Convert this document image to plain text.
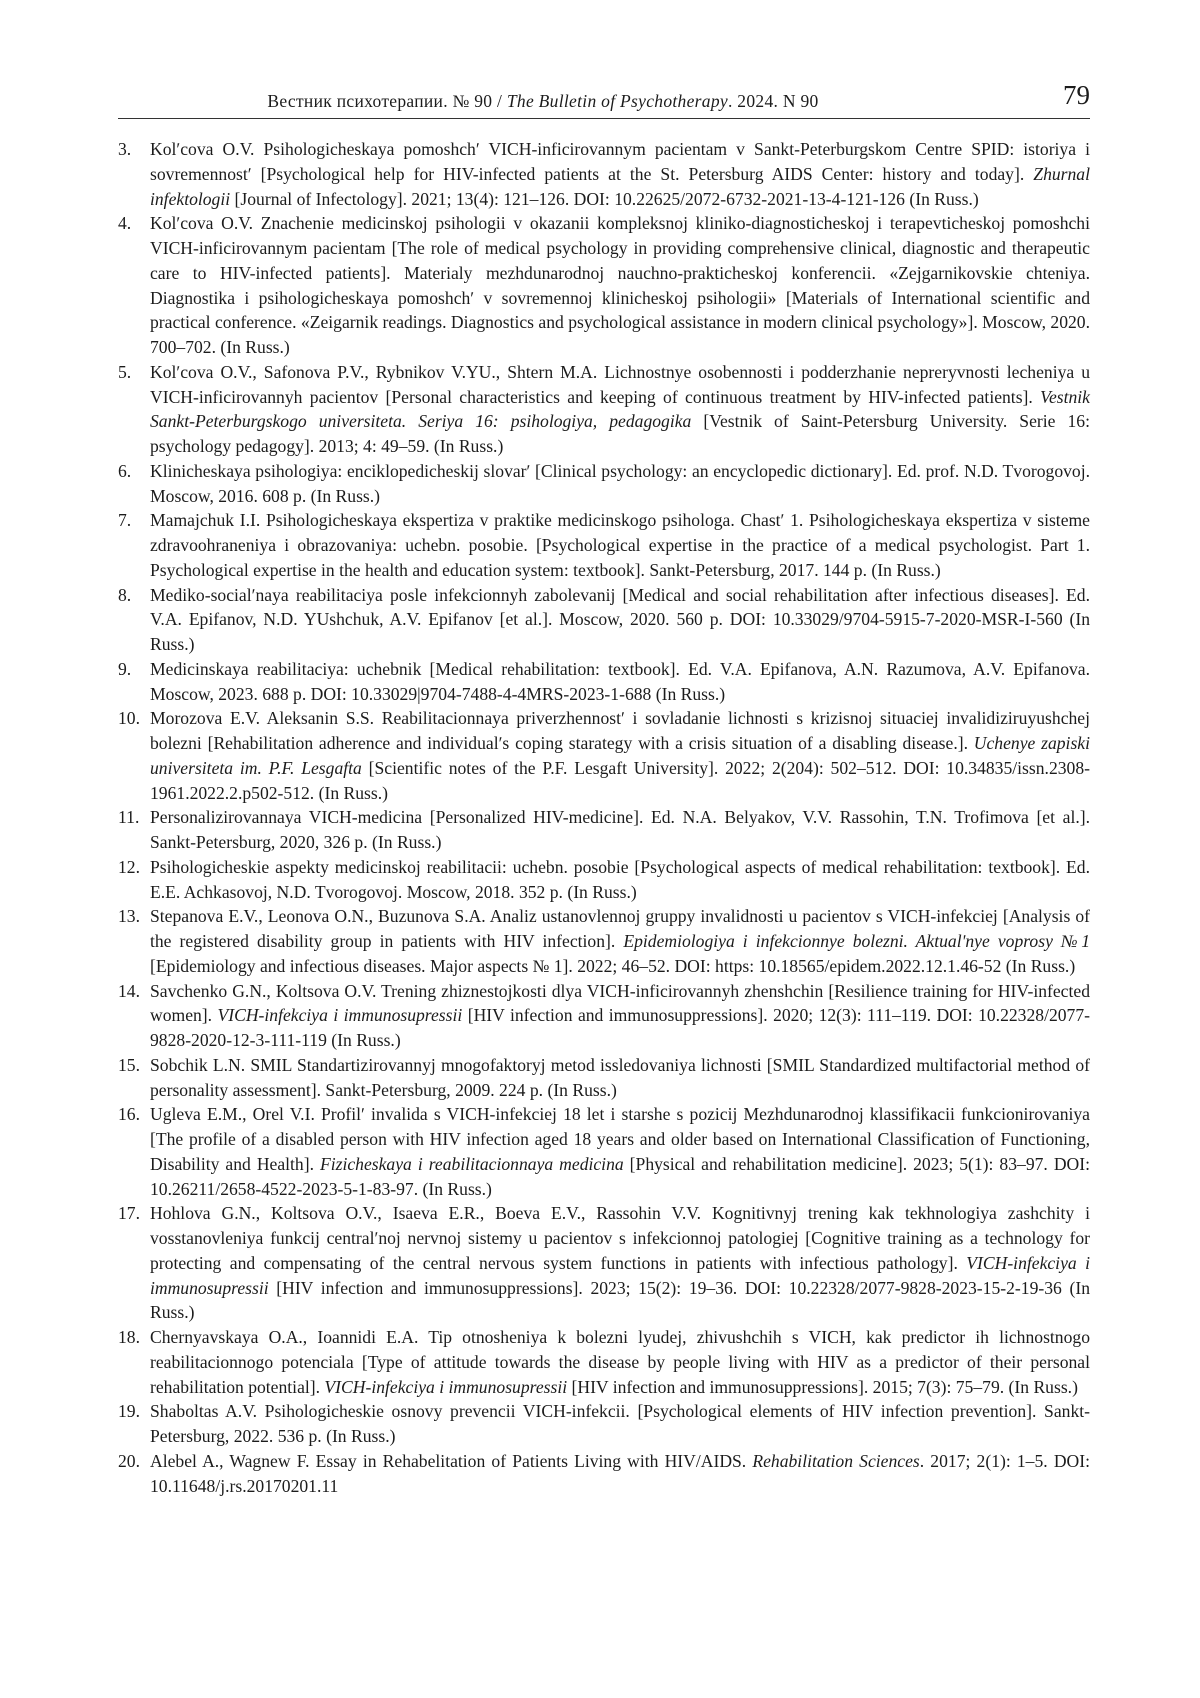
Вестник психотерапии. № 90 / The Bulletin of Psychotherapy. 2024. N 90	79
3. Kolʹcova O.V. Psihologicheskaya pomoshchʹ VICH-inficirovannym pacientam v Sankt-Peterburgskom Centre SPID: istoriya i sovremennostʹ [Psychological help for HIV-infected patients at the St. Petersburg AIDS Center: history and today]. Zhurnal infektologii [Journal of Infectology]. 2021; 13(4): 121–126. DOI: 10.22625/2072-6732-2021-13-4-121-126 (In Russ.)
4. Kolʹcova O.V. Znachenie medicinskoj psihologii v okazanii kompleksnoj kliniko-diagnosticheskoj i terapevticheskoj pomoshchi VICH-inficirovannym pacientam [The role of medical psychology in providing comprehensive clinical, diagnostic and therapeutic care to HIV-infected patients]. Materialy mezhdunarodnoj nauchno-prakticheskoj konferencii. «Zejgarnikovskie chteniya. Diagnostika i psihologicheskaya pomoshchʹ v sovremennoj klinicheskoj psihologii» [Materials of International scientific and practical conference. «Zeigarnik readings. Diagnostics and psychological assistance in modern clinical psychology»]. Moscow, 2020. 700–702. (In Russ.)
5. Kolʹcova O.V., Safonova P.V., Rybnikov V.YU., Shtern M.A. Lichnostnye osobennosti i podderzhanie nepreryvnosti lecheniya u VICH-inficirovannyh pacientov [Personal characteristics and keeping of continuous treatment by HIV-infected patients]. Vestnik Sankt-Peterburgskogo universiteta. Seriya 16: psihologiya, pedagogika [Vestnik of Saint-Petersburg University. Serie 16: psychology pedagogy]. 2013; 4: 49–59. (In Russ.)
6. Klinicheskaya psihologiya: enciklopedicheskij slovarʹ [Clinical psychology: an encyclopedic dictionary]. Ed. prof. N.D. Tvorogovoj. Moscow, 2016. 608 p. (In Russ.)
7. Mamajchuk I.I. Psihologicheskaya ekspertiza v praktike medicinskogo psihologa. Chastʹ 1. Psihologicheskaya ekspertiza v sisteme zdravoohraneniya i obrazovaniya: uchebn. posobie. [Psychological expertise in the practice of a medical psychologist. Part 1. Psychological expertise in the health and education system: textbook]. Sankt-Petersburg, 2017. 144 p. (In Russ.)
8. Mediko-socialʹnaya reabilitaciya posle infekcionnyh zabolevanij [Medical and social rehabilitation after infectious diseases]. Ed. V.A. Epifanov, N.D. YUshchuk, A.V. Epifanov [et al.]. Moscow, 2020. 560 p. DOI: 10.33029/9704-5915-7-2020-MSR-I-560 (In Russ.)
9. Medicinskaya reabilitaciya: uchebnik [Medical rehabilitation: textbook]. Ed. V.A. Epifanova, A.N. Razumova, A.V. Epifanova. Moscow, 2023. 688 p. DOI: 10.33029|9704-7488-4-4MRS-2023-1-688 (In Russ.)
10. Morozova E.V. Aleksanin S.S. Reabilitacionnaya priverzhennostʹ i sovladanie lichnosti s krizisnoj situaciej invalidiziruyushchej bolezni [Rehabilitation adherence and individualʹs coping starategy with a crisis situation of a disabling disease.]. Uchenye zapiski universiteta im. P.F. Lesgafta [Scientific notes of the P.F. Lesgaft University]. 2022; 2(204): 502–512. DOI: 10.34835/issn.2308-1961.2022.2.p502-512. (In Russ.)
11. Personalizirovannaya VICH-medicina [Personalized HIV-medicine]. Ed. N.A. Belyakov, V.V. Rassohin, T.N. Trofimova [et al.]. Sankt-Petersburg, 2020, 326 p. (In Russ.)
12. Psihologicheskie aspekty medicinskoj reabilitacii: uchebn. posobie [Psychological aspects of medical rehabilitation: textbook]. Ed. E.E. Achkasovoj, N.D. Tvorogovoj. Moscow, 2018. 352 p. (In Russ.)
13. Stepanova E.V., Leonova O.N., Buzunova S.A. Analiz ustanovlennoj gruppy invalidnosti u pacientov s VICH-infekciej [Analysis of the registered disability group in patients with HIV infection]. Epidemiologiya i infekcionnye bolezni. Aktualʹnye voprosy №1 [Epidemiology and infectious diseases. Major aspects № 1]. 2022; 46–52. DOI: https: 10.18565/epidem.2022.12.1.46-52 (In Russ.)
14. Savchenko G.N., Koltsova O.V. Trening zhiznestojkosti dlya VICH-inficirovannyh zhenshchin [Resilience training for HIV-infected women]. VICH-infekciya i immunosupressii [HIV infection and immunosuppressions]. 2020; 12(3): 111–119. DOI: 10.22328/2077-9828-2020-12-3-111-119 (In Russ.)
15. Sobchik L.N. SMIL Standartizirovannyj mnogofaktoryj metod issledovaniya lichnosti [SMIL Standardized multifactorial method of personality assessment]. Sankt-Petersburg, 2009. 224 p. (In Russ.)
16. Ugleva E.M., Orel V.I. Profilʹ invalida s VICH-infekciej 18 let i starshe s pozicij Mezhdunarodnoj klassifikacii funkcionirovaniya [The profile of a disabled person with HIV infection aged 18 years and older based on International Classification of Functioning, Disability and Health]. Fizicheskaya i reabilitacionnaya medicina [Physical and rehabilitation medicine]. 2023; 5(1): 83–97. DOI: 10.26211/2658-4522-2023-5-1-83-97. (In Russ.)
17. Hohlova G.N., Koltsova O.V., Isaeva E.R., Boeva E.V., Rassohin V.V. Kognitivnyj trening kak tekhnologiya zashchity i vosstanovleniya funkcij centralʹnoj nervnoj sistemy u pacientov s infekcionnoj patologiej [Cognitive training as a technology for protecting and compensating of the central nervous system functions in patients with infectious pathology]. VICH-infekciya i immunosupressii [HIV infection and immunosuppressions]. 2023; 15(2): 19–36. DOI: 10.22328/2077-9828-2023-15-2-19-36 (In Russ.)
18. Chernyavskaya O.A., Ioannidi E.A. Tip otnosheniya k bolezni lyudej, zhivushchih s VICH, kak predictor ih lichnostnogo reabilitacionnogo potenciala [Type of attitude towards the disease by people living with HIV as a predictor of their personal rehabilitation potential]. VICH-infekciya i immunosupressii [HIV infection and immunosuppressions]. 2015; 7(3): 75–79. (In Russ.)
19. Shaboltas A.V. Psihologicheskie osnovy prevencii VICH-infekcii. [Psychological elements of HIV infection prevention]. Sankt-Petersburg, 2022. 536 p. (In Russ.)
20. Alebel A., Wagnew F. Essay in Rehabelitation of Patients Living with HIV/AIDS. Rehabilitation Sciences. 2017; 2(1): 1–5. DOI: 10.11648/j.rs.20170201.11
